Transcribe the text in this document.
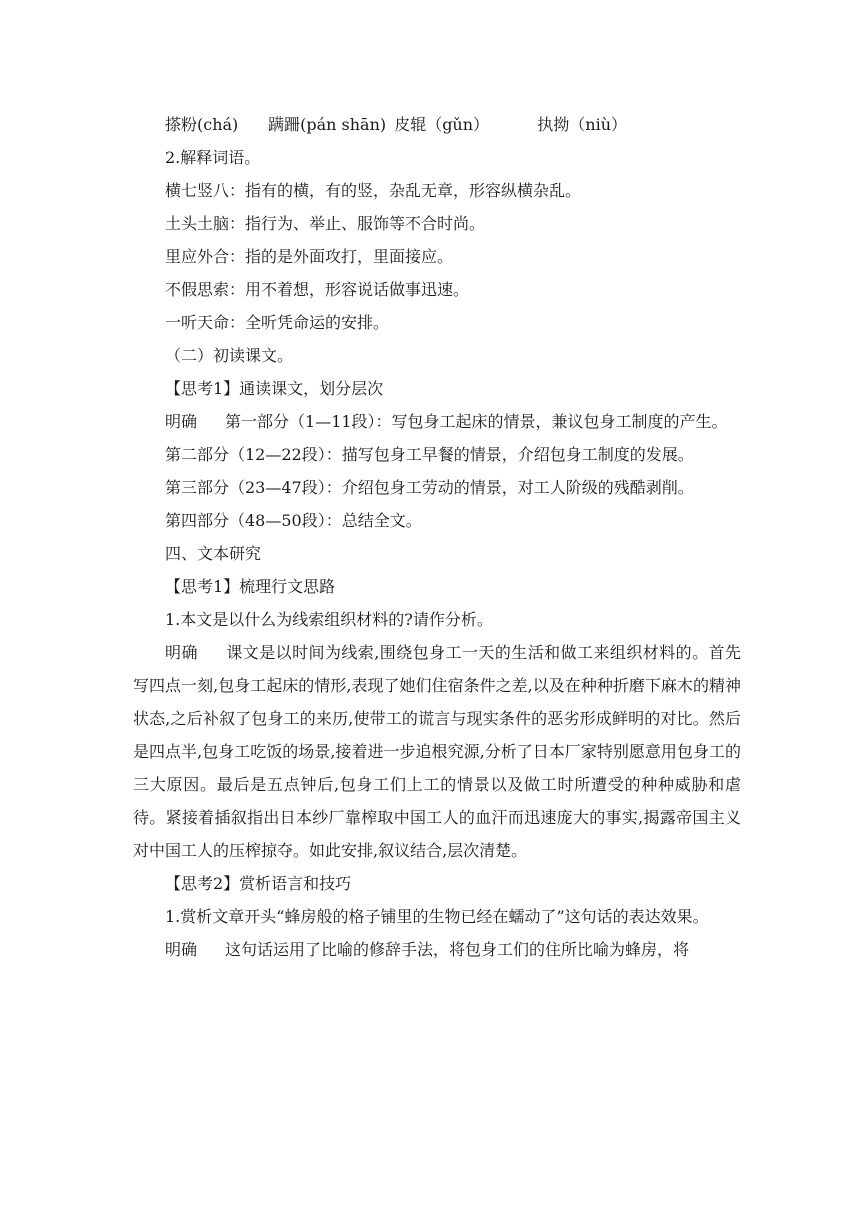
搽粉(chá) 蹒跚(pán shān) 皮辊（gǔn）	执拗（niù）
2.解释词语。
横七竖八：指有的横，有的竖，杂乱无章，形容纵横杂乱。
土头土脑：指行为、举止、服饰等不合时尚。
里应外合：指的是外面攻打，里面接应。
不假思索：用不着想，形容说话做事迅速。
一听天命：全听凭命运的安排。
（二）初读课文。
【思考1】通读课文，划分层次
明确 第一部分（1—11段）：写包身工起床的情景，兼议包身工制度的产生。
第二部分（12—22段）：描写包身工早餐的情景，介绍包身工制度的发展。
第三部分（23—47段）：介绍包身工劳动的情景，对工人阶级的残酷剥削。
第四部分（48—50段）：总结全文。
四、文本研究
【思考1】梳理行文思路
1.本文是以什么为线索组织材料的?请作分析。
明确 课文是以时间为线索,围绕包身工一天的生活和做工来组织材料的。首先写四点一刻,包身工起床的情形,表现了她们住宿条件之差,以及在种种折磨下麻木的精神状态,之后补叙了包身工的来历,使带工的谎言与现实条件的恶劣形成鲜明的对比。然后是四点半,包身工吃饭的场景,接着进一步追根究源,分析了日本厂家特别愿意用包身工的三大原因。最后是五点钟后,包身工们上工的情景以及做工时所遭受的种种威胁和虐待。紧接着插叙指出日本纱厂靠榨取中国工人的血汗而迅速庞大的事实,揭露帝国主义对中国工人的压榨掠夺。如此安排,叙议结合,层次清楚。
【思考2】赏析语言和技巧
1.赏析文章开头“蜂房般的格子铺里的生物已经在蠕动了”这句话的表达效果。
明确 这句话运用了比喻的修辞手法，将包身工们的住所比喻为蜂房，将
